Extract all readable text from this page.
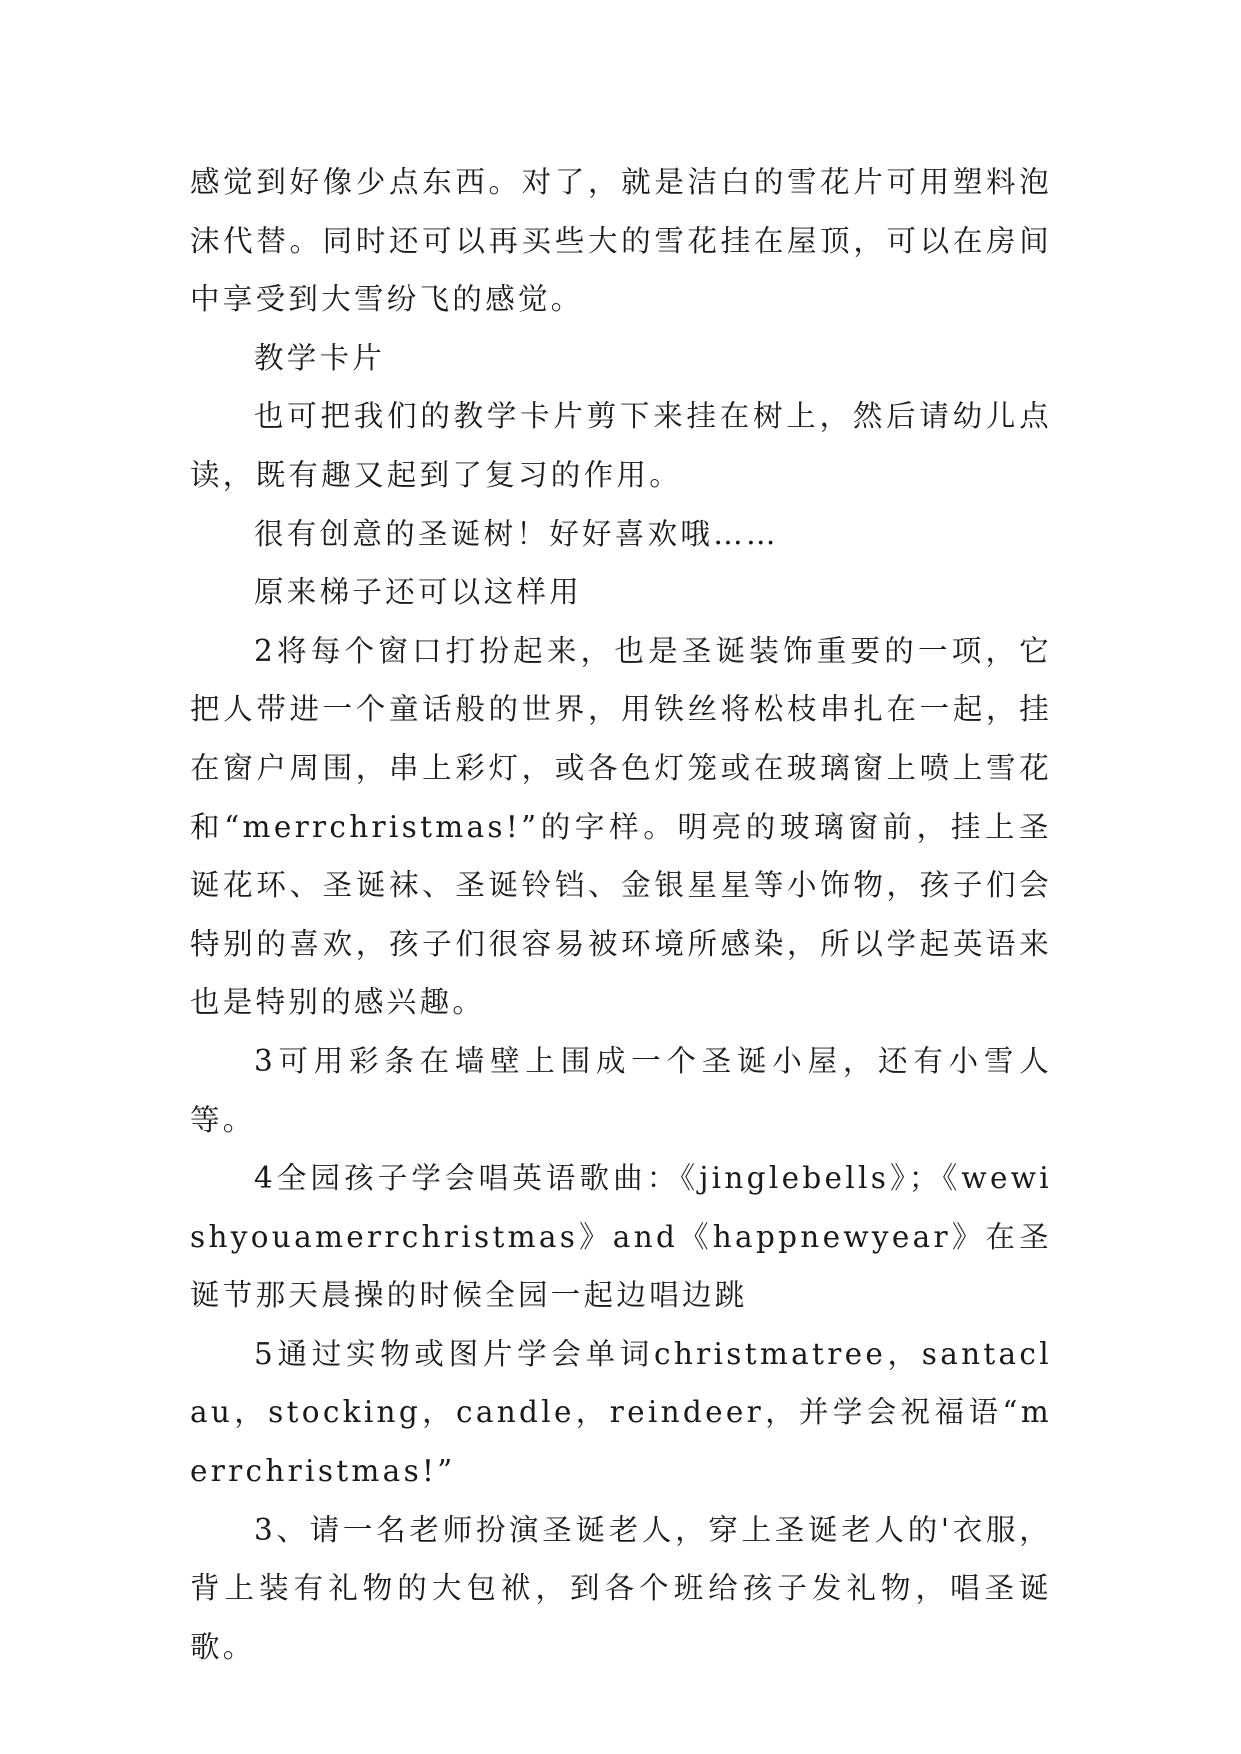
感觉到好像少点东西。对了，就是洁白的雪花片可用塑料泡沫代替。同时还可以再买些大的雪花挂在屋顶，可以在房间中享受到大雪纷飞的感觉。

教学卡片

也可把我们的教学卡片剪下来挂在树上，然后请幼儿点读，既有趣又起到了复习的作用。

很有创意的圣诞树！好好喜欢哦……

原来梯子还可以这样用

2将每个窗口打扮起来，也是圣诞装饰重要的一项，它把人带进一个童话般的世界，用铁丝将松枝串扎在一起，挂在窗户周围，串上彩灯，或各色灯笼或在玻璃窗上喷上雪花和“merrchristmas!”的字样。明亮的玻璃窗前，挂上圣诞花环、圣诞袜、圣诞铃铛、金银星星等小饰物，孩子们会特别的喜欢，孩子们很容易被环境所感染，所以学起英语来也是特别的感兴趣。

3可用彩条在墙壁上围成一个圣诞小屋，还有小雪人等。

4全园孩子学会唱英语歌曲：《jinglebells》；《wewishyouamerrchristmas》and《happnewyear》在圣诞节那天晨操的时候全园一起边唱边跳

5通过实物或图片学会单词christmatree，santaclau，stocking，candle，reindeer，并学会祝福语“merrchristmas!”

3、请一名老师扮演圣诞老人，穿上圣诞老人的'衣服，背上装有礼物的大包袱，到各个班给孩子发礼物，唱圣诞歌。
